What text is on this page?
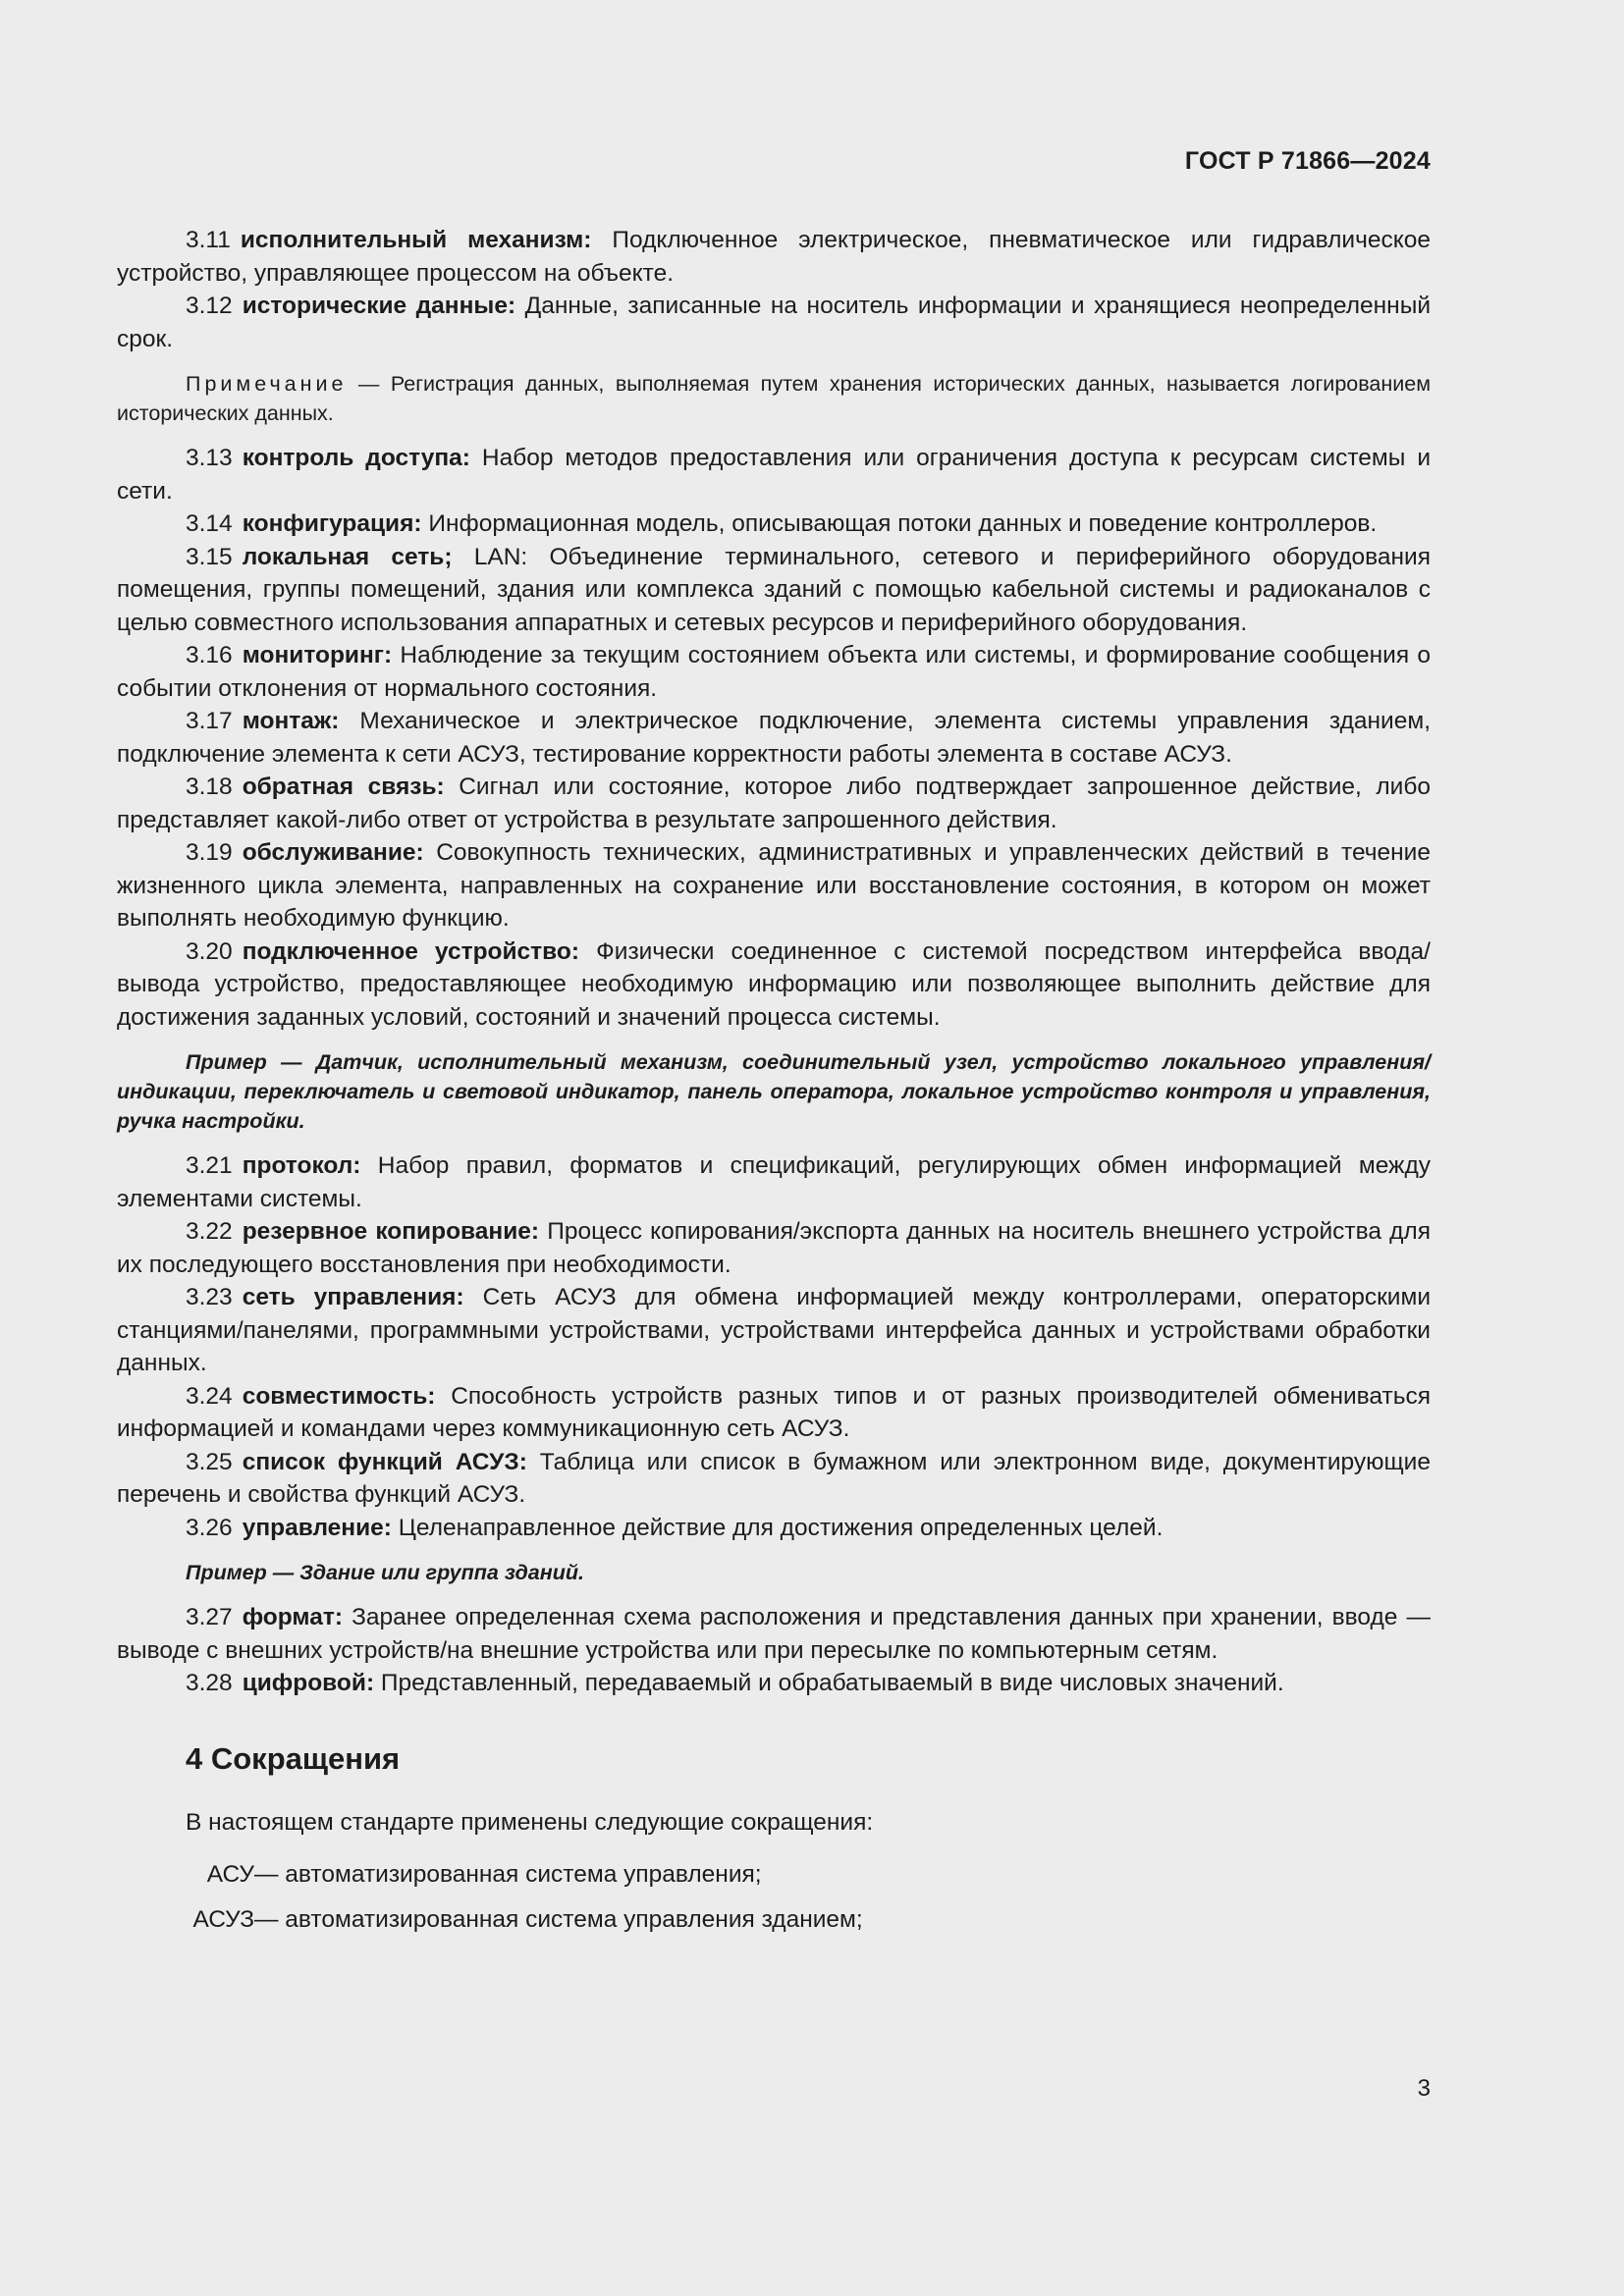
ГОСТ Р 71866—2024

3.11 исполнительный механизм: Подключенное электрическое, пневматическое или гидравлическое устройство, управляющее процессом на объекте.

3.12 исторические данные: Данные, записанные на носитель информации и хранящиеся неопределенный срок.

Примечание — Регистрация данных, выполняемая путем хранения исторических данных, называется логированием исторических данных.

3.13 контроль доступа: Набор методов предоставления или ограничения доступа к ресурсам системы и сети.

3.14 конфигурация: Информационная модель, описывающая потоки данных и поведение контроллеров.

3.15 локальная сеть; LAN: Объединение терминального, сетевого и периферийного оборудования помещения, группы помещений, здания или комплекса зданий с помощью кабельной системы и радиоканалов с целью совместного использования аппаратных и сетевых ресурсов и периферийного оборудования.

3.16 мониторинг: Наблюдение за текущим состоянием объекта или системы, и формирование сообщения о событии отклонения от нормального состояния.

3.17 монтаж: Механическое и электрическое подключение, элемента системы управления зданием, подключение элемента к сети АСУЗ, тестирование корректности работы элемента в составе АСУЗ.

3.18 обратная связь: Сигнал или состояние, которое либо подтверждает запрошенное действие, либо представляет какой-либо ответ от устройства в результате запрошенного действия.

3.19 обслуживание: Совокупность технических, административных и управленческих действий в течение жизненного цикла элемента, направленных на сохранение или восстановление состояния, в котором он может выполнять необходимую функцию.

3.20 подключенное устройство: Физически соединенное с системой посредством интерфейса ввода/вывода устройство, предоставляющее необходимую информацию или позволяющее выполнить действие для достижения заданных условий, состояний и значений процесса системы.

Пример — Датчик, исполнительный механизм, соединительный узел, устройство локального управления/индикации, переключатель и световой индикатор, панель оператора, локальное устройство контроля и управления, ручка настройки.

3.21 протокол: Набор правил, форматов и спецификаций, регулирующих обмен информацией между элементами системы.

3.22 резервное копирование: Процесс копирования/экспорта данных на носитель внешнего устройства для их последующего восстановления при необходимости.

3.23 сеть управления: Сеть АСУЗ для обмена информацией между контроллерами, операторскими станциями/панелями, программными устройствами, устройствами интерфейса данных и устройствами обработки данных.

3.24 совместимость: Способность устройств разных типов и от разных производителей обмениваться информацией и командами через коммуникационную сеть АСУЗ.

3.25 список функций АСУЗ: Таблица или список в бумажном или электронном виде, документирующие перечень и свойства функций АСУЗ.

3.26 управление: Целенаправленное действие для достижения определенных целей.

Пример — Здание или группа зданий.

3.27 формат: Заранее определенная схема расположения и представления данных при хранении, вводе — выводе с внешних устройств/на внешние устройства или при пересылке по компьютерным сетям.

3.28 цифровой: Представленный, передаваемый и обрабатываемый в виде числовых значений.

4 Сокращения

В настоящем стандарте применены следующие сокращения:

АСУ — автоматизированная система управления;
АСУЗ — автоматизированная система управления зданием;
3
